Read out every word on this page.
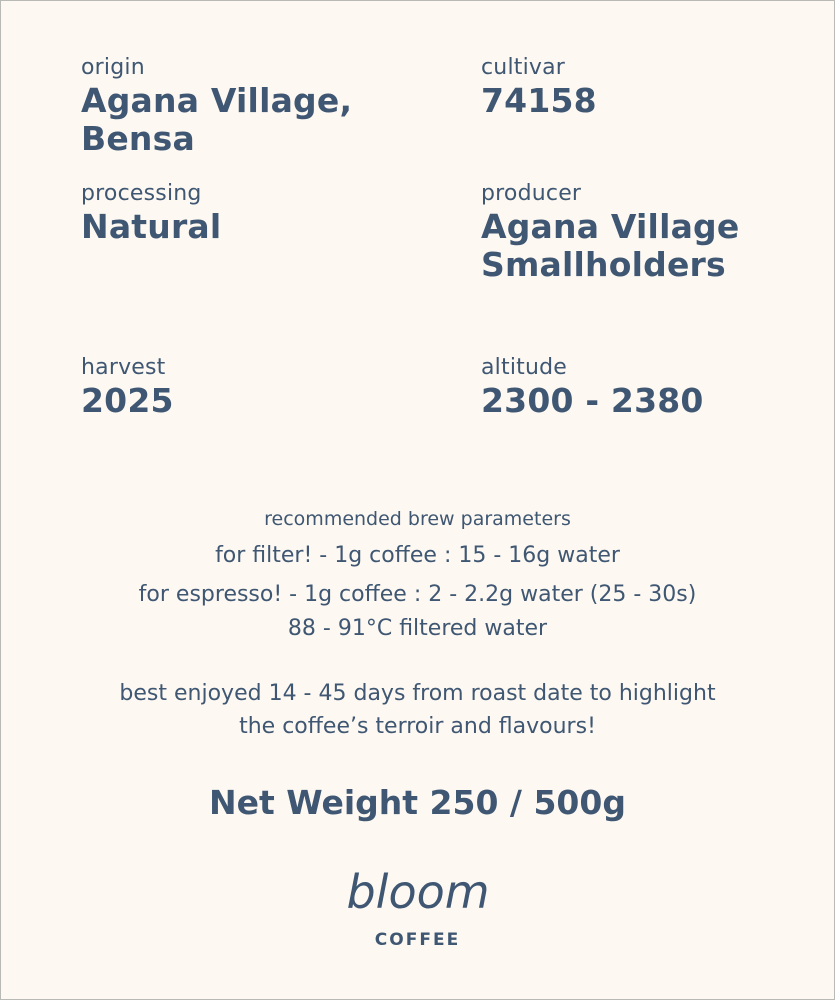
origin
Agana Village,
Bensa
cultivar
74158
processing
Natural
producer
Agana Village
Smallholders
harvest
2025
altitude
2300 - 2380
recommended brew parameters
for filter! - 1g coffee : 15 - 16g water
for espresso! - 1g coffee : 2 - 2.2g water (25 - 30s)
88 - 91°C filtered water
best enjoyed 14 - 45 days from roast date to highlight
the coffee’s terroir and flavours!
Net Weight 250 / 500g
bloom
COFFEE
